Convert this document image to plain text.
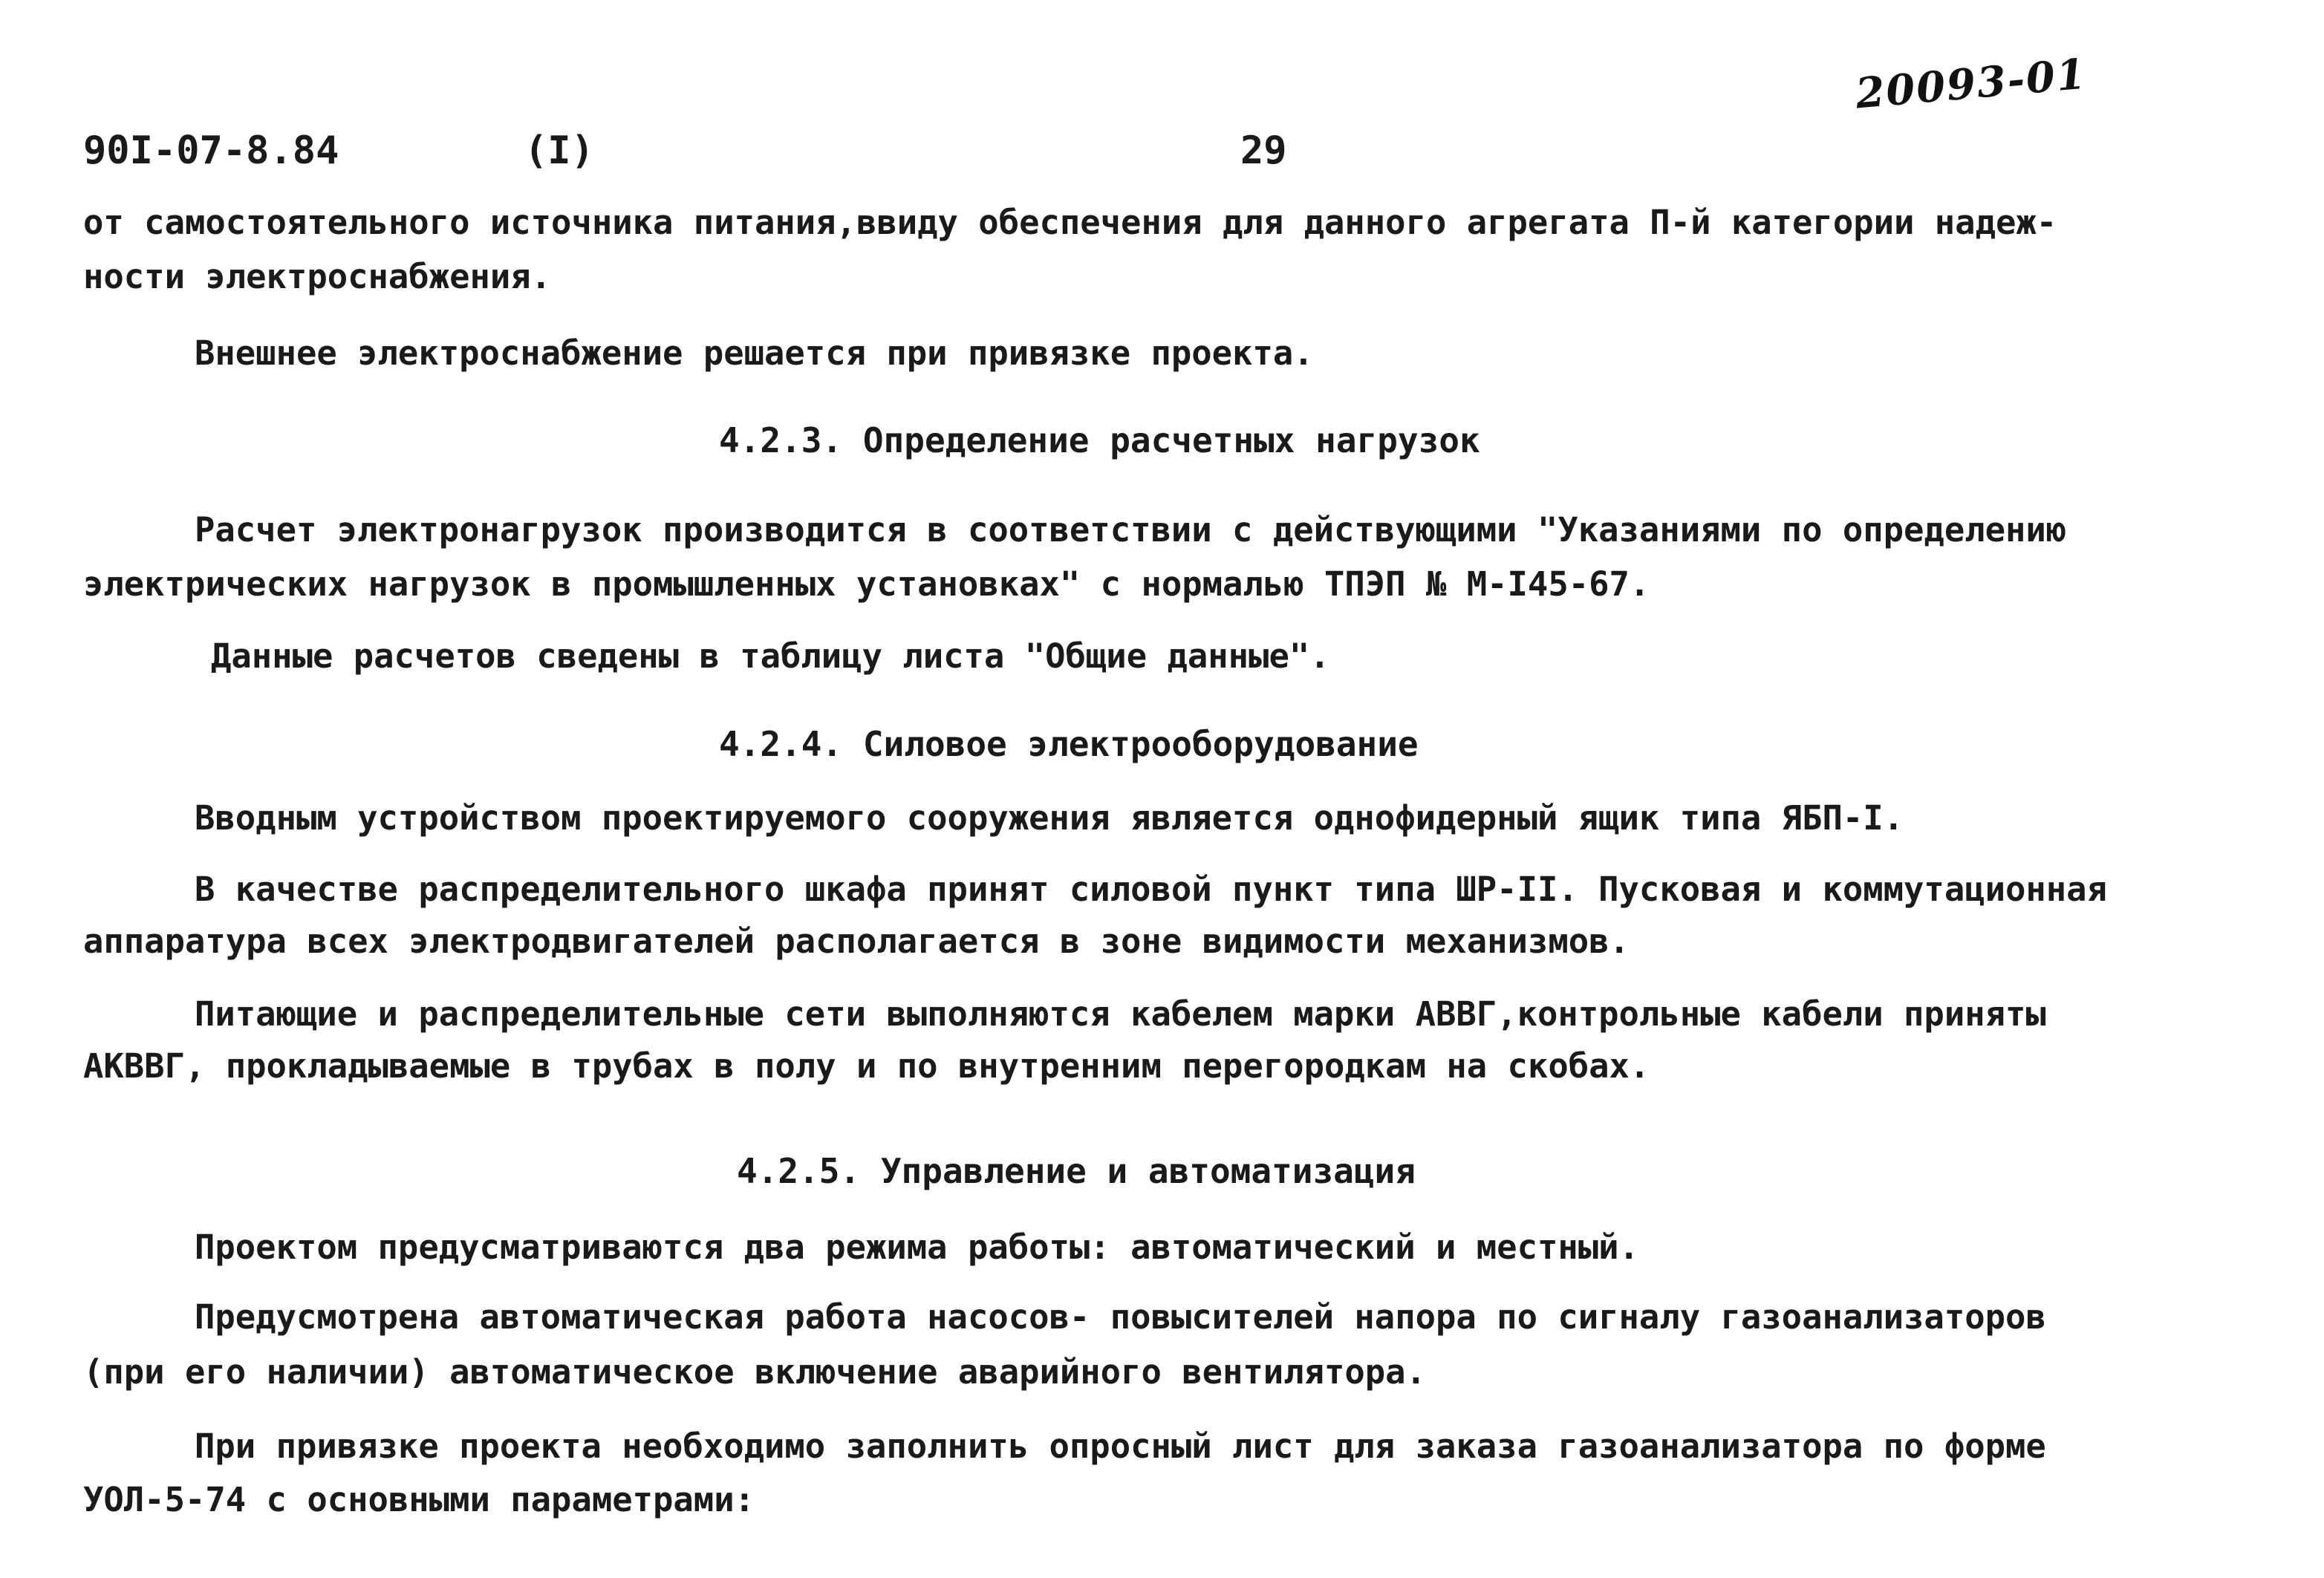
20093-01
90I-07-8.84	(I)	29
от самостоятельного источника питания,ввиду обеспечения для данного агрегата П-й категории надеж-
ности электроснабжения.
Внешнее электроснабжение решается при привязке проекта.
4.2.3. Определение расчетных нагрузок
Расчет электронагрузок производится в соответствии с действующими "Указаниями по определению
электрических нагрузок в промышленных установках" с нормалью ТПЭП № М-I45-67.
Данные расчетов сведены в таблицу листа "Общие данные".
4.2.4. Силовое электрооборудование
Вводным устройством проектируемого сооружения является однофидерный ящик типа ЯБП-I.
В качестве распределительного шкафа принят силовой пункт типа ШР-II. Пусковая и коммутационная
аппаратура всех электродвигателей располагается в зоне видимости механизмов.
Питающие и распределительные сети выполняются кабелем марки АВВГ,контрольные кабели приняты
АКВВГ, прокладываемые в трубах в полу и по внутренним перегородкам на скобах.
4.2.5. Управление и автоматизация
Проектом предусматриваются два режима работы: автоматический и местный.
Предусмотрена автоматическая работа насосов- повысителей напора по сигналу газоанализаторов
(при его наличии) автоматическое включение аварийного вентилятора.
При привязке проекта необходимо заполнить опросный лист для заказа газоанализатора по форме
УОЛ-5-74 с основными параметрами:
